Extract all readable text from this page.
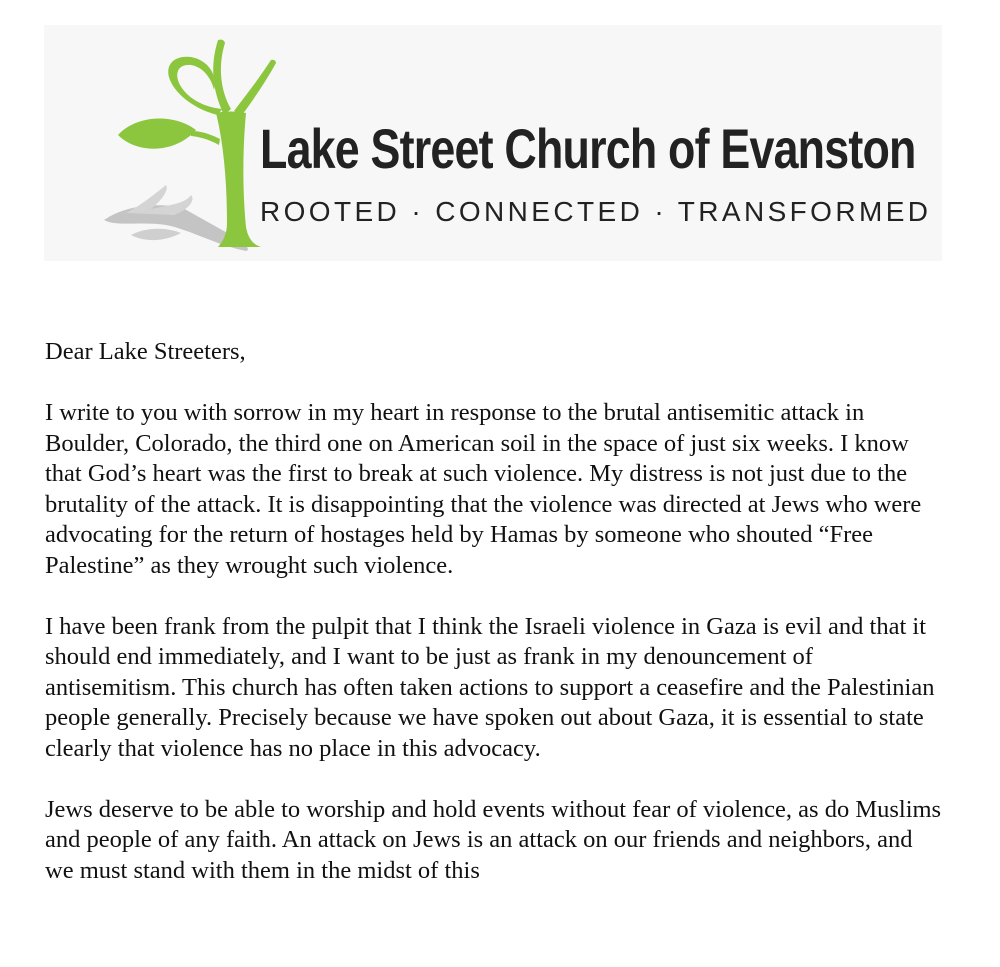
Lake Street Church of Evanston
ROOTED · CONNECTED · TRANSFORMED

Dear Lake Streeters,

I write to you with sorrow in my heart in response to the brutal antisemitic attack in Boulder, Colorado, the third one on American soil in the space of just six weeks. I know that God’s heart was the first to break at such violence. My distress is not just due to the brutality of the attack. It is disappointing that the violence was directed at Jews who were advocating for the return of hostages held by Hamas by someone who shouted “Free Palestine” as they wrought such violence.

I have been frank from the pulpit that I think the Israeli violence in Gaza is evil and that it should end immediately, and I want to be just as frank in my denouncement of antisemitism. This church has often taken actions to support a ceasefire and the Palestinian people generally. Precisely because we have spoken out about Gaza, it is essential to state clearly that violence has no place in this advocacy.

Jews deserve to be able to worship and hold events without fear of violence, as do Muslims and people of any faith. An attack on Jews is an attack on our friends and neighbors, and we must stand with them in the midst of this
